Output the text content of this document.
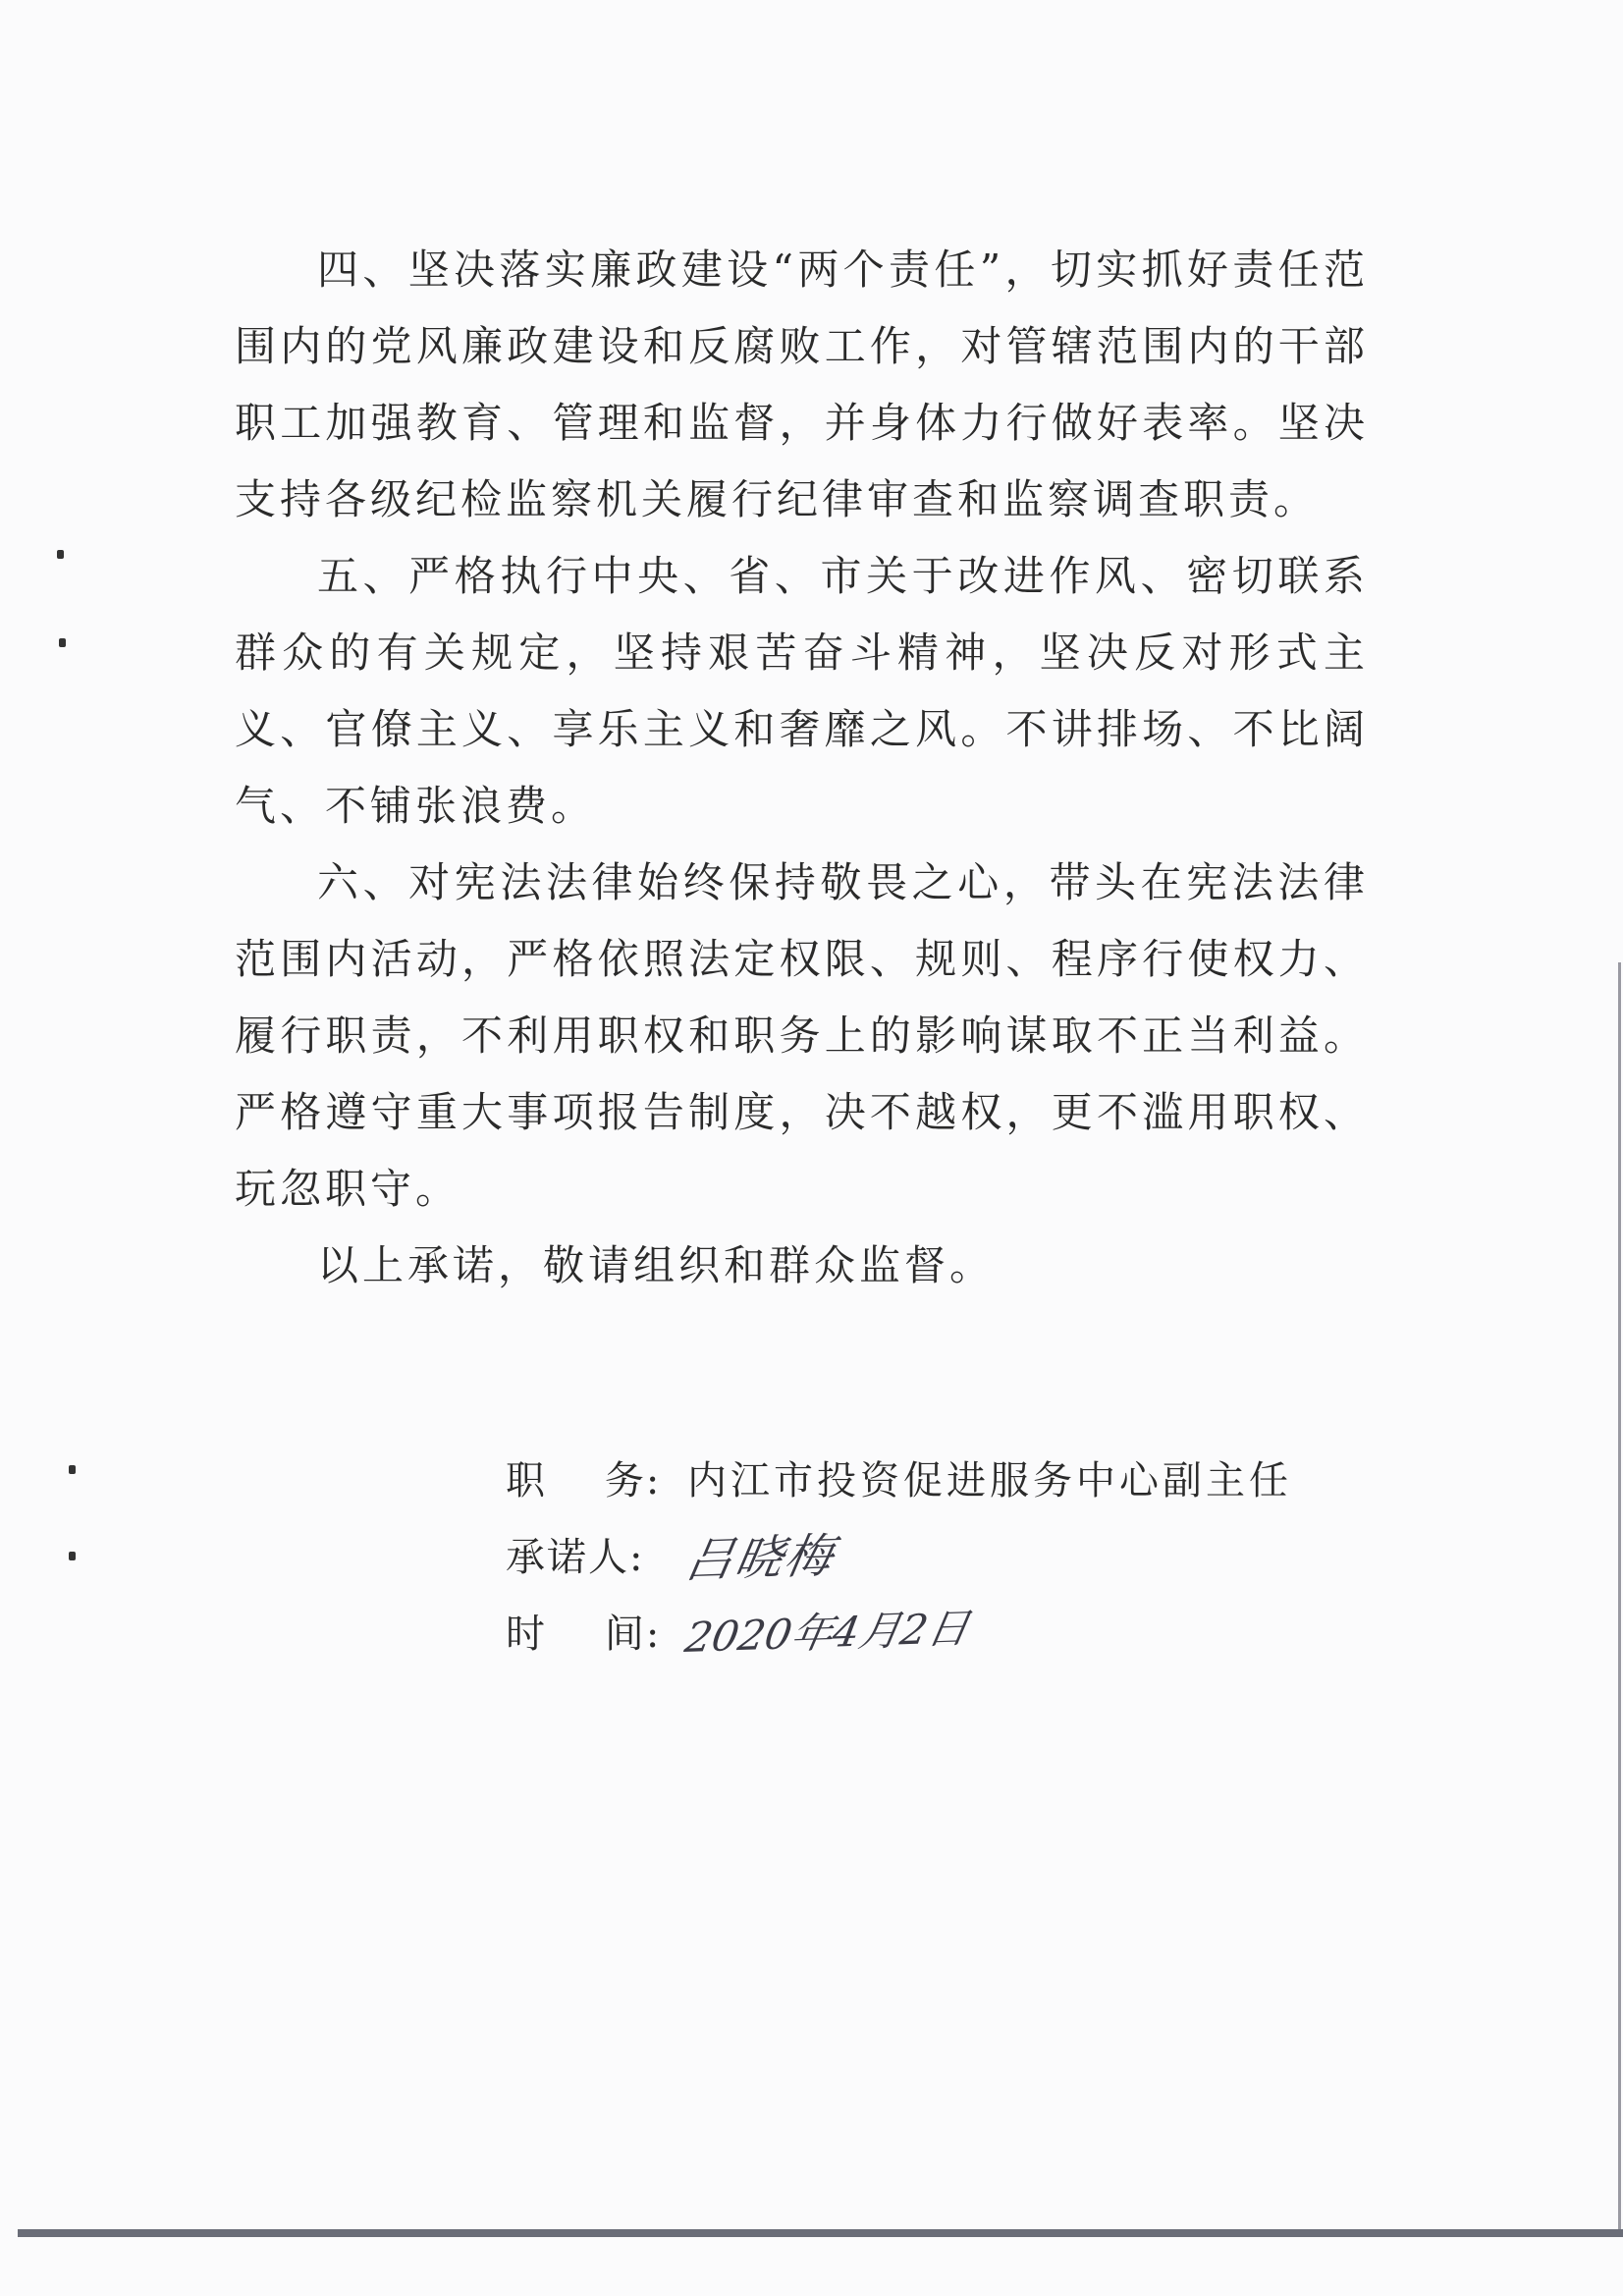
四、坚决落实廉政建设“两个责任”，切实抓好责任范围内的党风廉政建设和反腐败工作，对管辖范围内的干部职工加强教育、管理和监督，并身体力行做好表率。坚决支持各级纪检监察机关履行纪律审查和监察调查职责。

五、严格执行中央、省、市关于改进作风、密切联系群众的有关规定，坚持艰苦奋斗精神，坚决反对形式主义、官僚主义、享乐主义和奢靡之风。不讲排场、不比阔气、不铺张浪费。

六、对宪法法律始终保持敬畏之心，带头在宪法法律范围内活动，严格依照法定权限、规则、程序行使权力、履行职责，不利用职权和职务上的影响谋取不正当利益。严格遵守重大事项报告制度，决不越权，更不滥用职权、玩忽职守。

以上承诺，敬请组织和群众监督。

职    务: 内江市投资促进服务中心副主任
承诺人: 吕晓梅
时    间: 2020年4月2日
